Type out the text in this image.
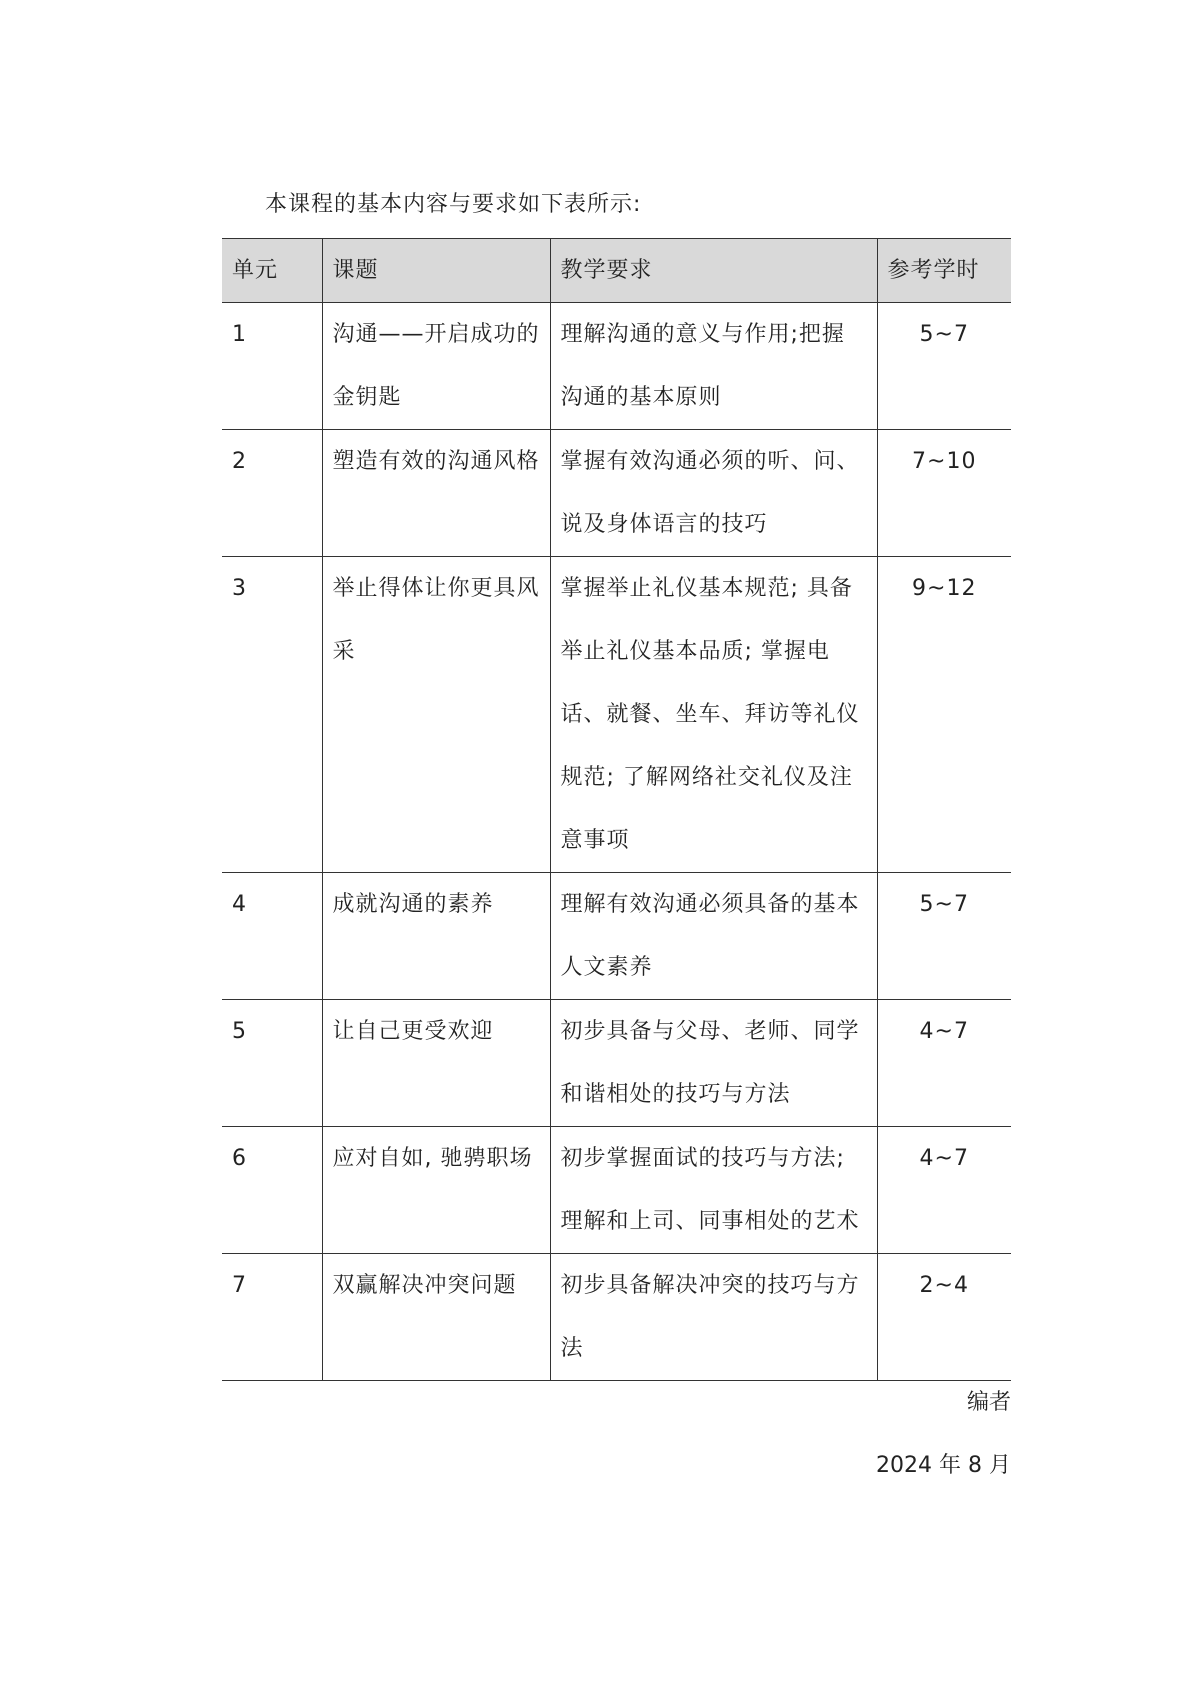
本课程的基本内容与要求如下表所示:
单元	课题	教学要求	参考学时
1	沟通——开启成功的金钥匙	理解沟通的意义与作用;把握沟通的基本原则	5~7
2	塑造有效的沟通风格	掌握有效沟通必须的听、问、说及身体语言的技巧	7~10
3	举止得体让你更具风采	掌握举止礼仪基本规范; 具备举止礼仪基本品质; 掌握电话、就餐、坐车、拜访等礼仪规范; 了解网络社交礼仪及注意事项	9~12
4	成就沟通的素养	理解有效沟通必须具备的基本人文素养	5~7
5	让自己更受欢迎	初步具备与父母、老师、同学和谐相处的技巧与方法	4~7
6	应对自如, 驰骋职场	初步掌握面试的技巧与方法; 理解和上司、同事相处的艺术	4~7
7	双赢解决冲突问题	初步具备解决冲突的技巧与方法	2~4
编者
2024 年 8 月
